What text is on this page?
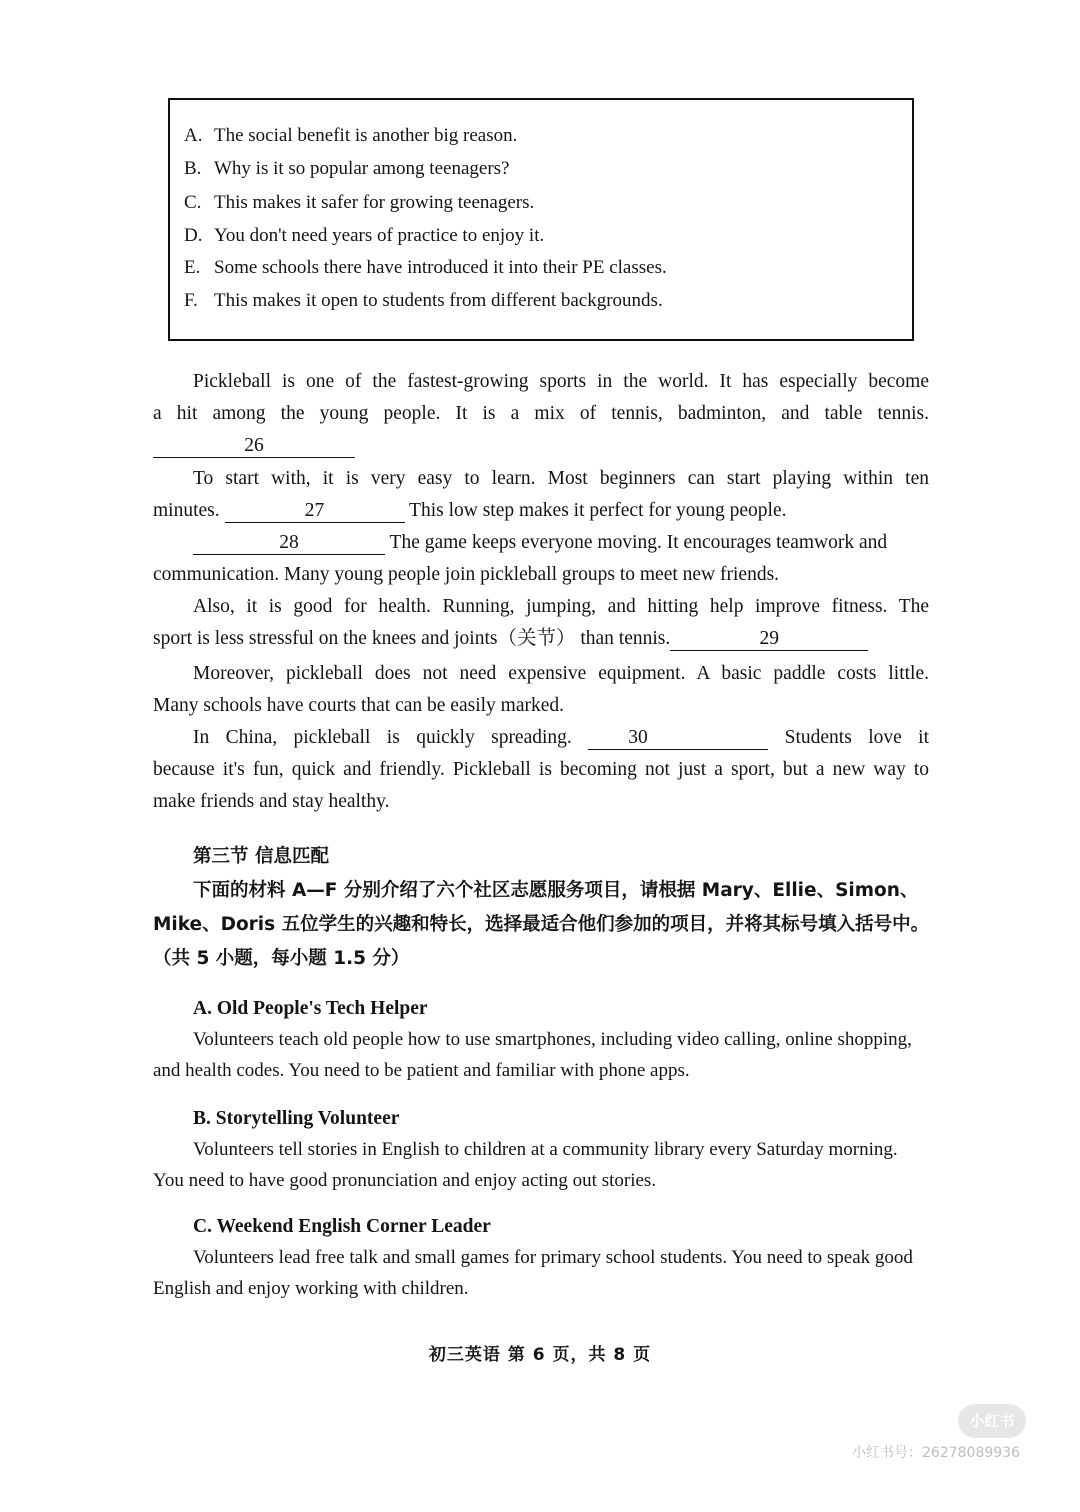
A. The social benefit is another big reason.
B. Why is it so popular among teenagers?
C. This makes it safer for growing teenagers.
D. You don't need years of practice to enjoy it.
E. Some schools there have introduced it into their PE classes.
F. This makes it open to students from different backgrounds.

Pickleball is one of the fastest-growing sports in the world. It has especially become

a hit among the young people. It is a mix of tennis, badminton, and table tennis.

26

To start with, it is very easy to learn. Most beginners can start playing within ten

minutes.	27	This low step makes it perfect for young people.

28	The game keeps everyone moving. It encourages teamwork and

communication. Many young people join pickleball groups to meet new friends.

Also, it is good for health. Running, jumping, and hitting help improve fitness. The

sport is less stressful on the knees and joints（关节） than tennis.	29

Moreover, pickleball does not need expensive equipment. A basic paddle costs little.

Many schools have courts that can be easily marked.

In China, pickleball is quickly spreading.	30	Students love it

because it's fun, quick and friendly. Pickleball is becoming not just a sport, but a new way to

make friends and stay healthy.

第三节 信息匹配

下面的材料 A—F 分别介绍了六个社区志愿服务项目，请根据 Mary、Ellie、Simon、

Mike、Doris 五位学生的兴趣和特长，选择最适合他们参加的项目，并将其标号填入括号中。

（共 5 小题，每小题 1.5 分）

A. Old People's Tech Helper

Volunteers teach old people how to use smartphones, including video calling, online shopping,

and health codes. You need to be patient and familiar with phone apps.

B. Storytelling Volunteer

Volunteers tell stories in English to children at a community library every Saturday morning.

You need to have good pronunciation and enjoy acting out stories.

C. Weekend English Corner Leader

Volunteers lead free talk and small games for primary school students. You need to speak good

English and enjoy working with children.

初三英语 第 6 页，共 8 页
小红书
小红书号：26278089936
